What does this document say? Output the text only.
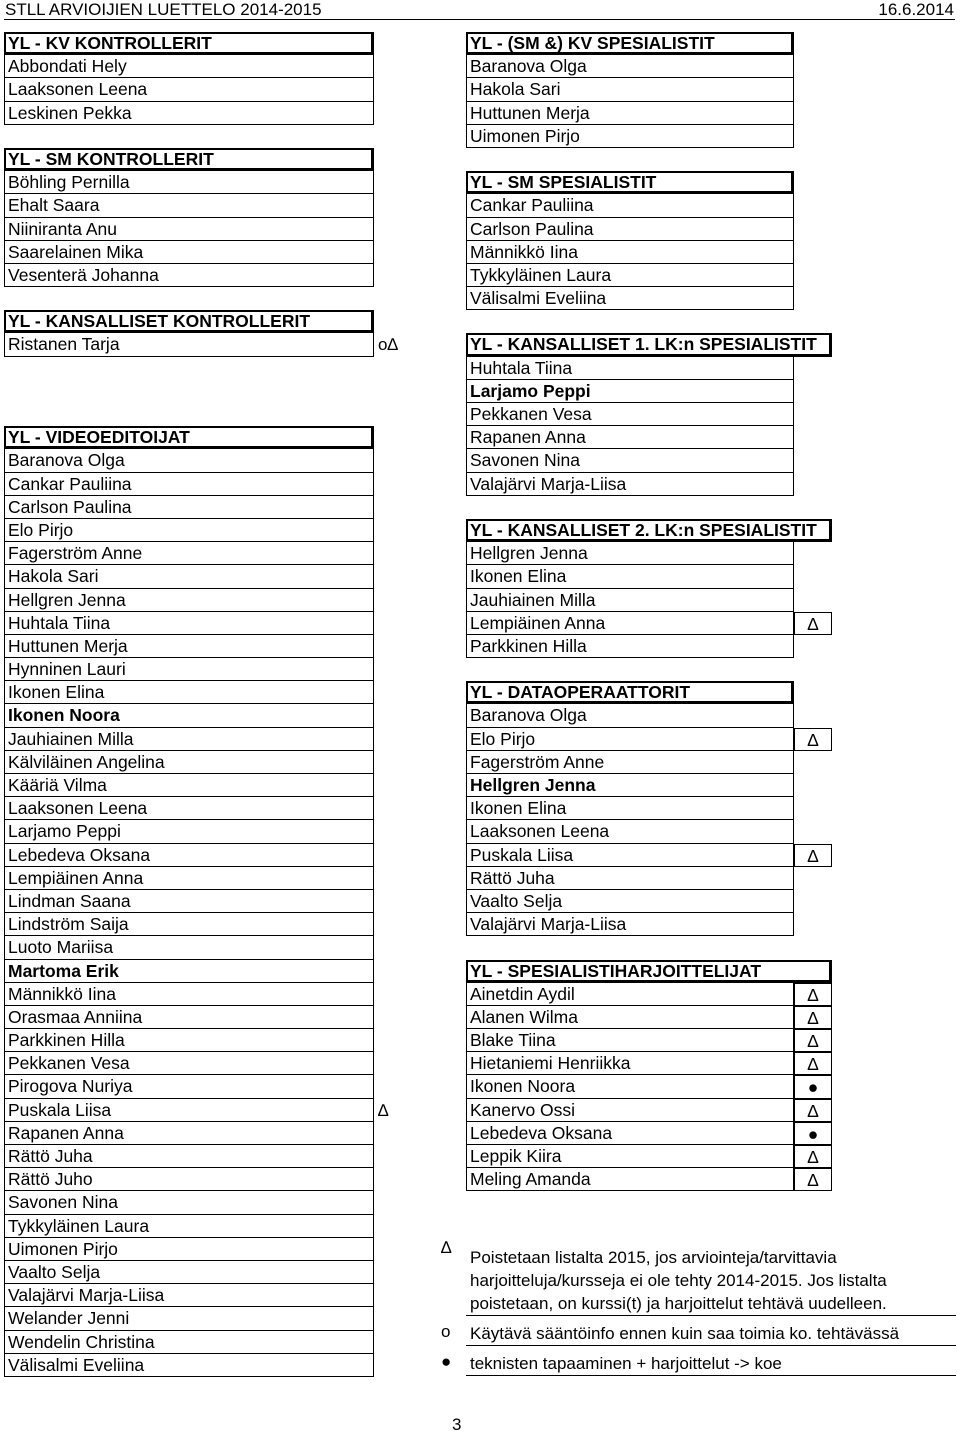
STLL ARVIOIJIEN LUETTELO 2014-2015	16.6.2014
YL - KV KONTROLLERIT
Abbondati Hely
Laaksonen Leena
Leskinen Pekka
YL - SM KONTROLLERIT
Böhling Pernilla
Ehalt Saara
Niiniranta Anu
Saarelainen Mika
Vesenterä Johanna
YL - KANSALLISET KONTROLLERIT
Ristanen Tarja	o∆
YL - VIDEOEDITOIJAT
Baranova Olga
Cankar Pauliina
Carlson Paulina
Elo Pirjo
Fagerström Anne
Hakola Sari
Hellgren Jenna
Huhtala Tiina
Huttunen Merja
Hynninen Lauri
Ikonen Elina
Ikonen Noora
Jauhiainen Milla
Kälviläinen Angelina
Kääriä Vilma
Laaksonen Leena
Larjamo Peppi
Lebedeva Oksana
Lempiäinen Anna
Lindman Saana
Lindström Saija
Luoto Mariisa
Martoma Erik
Männikkö Iina
Orasmaa Anniina
Parkkinen Hilla
Pekkanen Vesa
Pirogova Nuriya
Puskala Liisa	∆
Rapanen Anna
Rättö Juha
Rättö Juho
Savonen Nina
Tykkyläinen Laura
Uimonen Pirjo
Vaalto Selja
Valajärvi Marja-Liisa
Welander Jenni
Wendelin Christina
Välisalmi Eveliina
YL - (SM &) KV SPESIALISTIT
Baranova Olga
Hakola Sari
Huttunen Merja
Uimonen Pirjo
YL - SM SPESIALISTIT
Cankar Pauliina
Carlson Paulina
Männikkö Iina
Tykkyläinen Laura
Välisalmi Eveliina
YL - KANSALLISET 1. LK:n SPESIALISTIT
Huhtala Tiina
Larjamo Peppi
Pekkanen Vesa
Rapanen Anna
Savonen Nina
Valajärvi Marja-Liisa
YL - KANSALLISET 2. LK:n SPESIALISTIT
Hellgren Jenna
Ikonen Elina
Jauhiainen Milla
Lempiäinen Anna	∆
Parkkinen Hilla
YL - DATAOPERAATTORIT
Baranova Olga
Elo Pirjo	∆
Fagerström Anne
Hellgren Jenna
Ikonen Elina
Laaksonen Leena
Puskala Liisa	∆
Rättö Juha
Vaalto Selja
Valajärvi Marja-Liisa
YL - SPESIALISTIHARJOITTELIJAT
Ainetdin Aydil	∆
Alanen Wilma	∆
Blake Tiina	∆
Hietaniemi Henriikka	∆
Ikonen Noora	●
Kanervo Ossi	∆
Lebedeva Oksana	●
Leppik Kiira	∆
Meling Amanda	∆
∆
Poistetaan listalta 2015, jos arviointeja/tarvittavia
harjoitteluja/kursseja ei ole tehty 2014-2015. Jos listalta
poistetaan, on kurssi(t) ja harjoittelut tehtävä uudelleen.
o Käytävä sääntöinfo ennen kuin saa toimia ko. tehtävässä
● teknisten tapaaminen + harjoittelut -> koe
3
